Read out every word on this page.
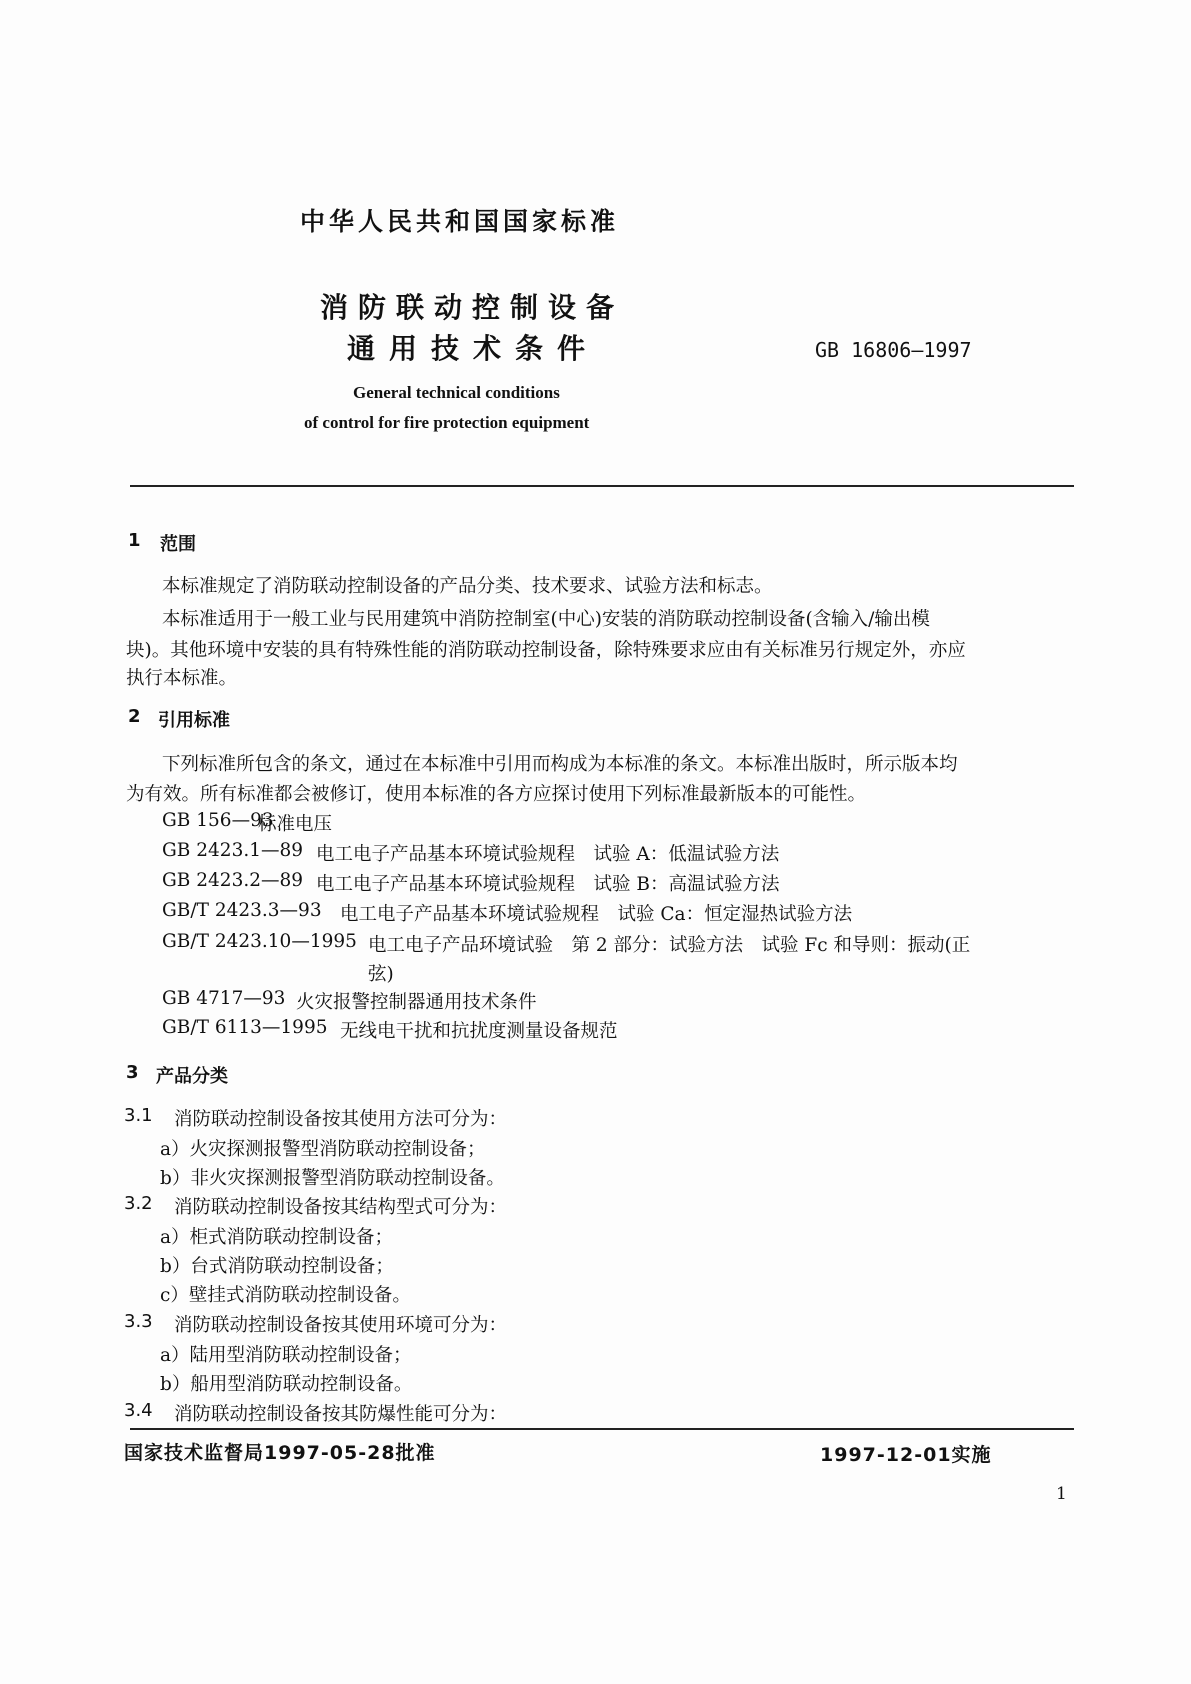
中华人民共和国国家标准
消防联动控制设备
通用技术条件	GB 16806—1997
General technical conditions
of control for fire protection equipment
1 范围
本标准规定了消防联动控制设备的产品分类、技术要求、试验方法和标志。
本标准适用于一般工业与民用建筑中消防控制室(中心)安装的消防联动控制设备(含输入/输出模
块)。其他环境中安装的具有特殊性能的消防联动控制设备，除特殊要求应由有关标准另行规定外，亦应
执行本标准。
2 引用标准
下列标准所包含的条文，通过在本标准中引用而构成为本标准的条文。本标准出版时，所示版本均
为有效。所有标准都会被修订，使用本标准的各方应探讨使用下列标准最新版本的可能性。
GB 156—93
标准电压
GB 2423.1—89 电工电子产品基本环境试验规程　试验 A：低温试验方法
GB 2423.2—89 电工电子产品基本环境试验规程　试验 B：高温试验方法
GB/T 2423.3—93 电工电子产品基本环境试验规程　试验 Ca：恒定湿热试验方法
GB/T 2423.10—1995 电工电子产品环境试验　第 2 部分：试验方法　试验 Fc 和导则：振动(正
弦)
GB 4717—93 火灾报警控制器通用技术条件
GB/T 6113—1995 无线电干扰和抗扰度测量设备规范
3 产品分类
3.1 消防联动控制设备按其使用方法可分为：
a）火灾探测报警型消防联动控制设备；
b）非火灾探测报警型消防联动控制设备。
3.2 消防联动控制设备按其结构型式可分为：
a）柜式消防联动控制设备；
b）台式消防联动控制设备；
c）壁挂式消防联动控制设备。
3.3 消防联动控制设备按其使用环境可分为：
a）陆用型消防联动控制设备；
b）船用型消防联动控制设备。
3.4 消防联动控制设备按其防爆性能可分为：
国家技术监督局1997-05-28批准	1997-12-01实施
1
